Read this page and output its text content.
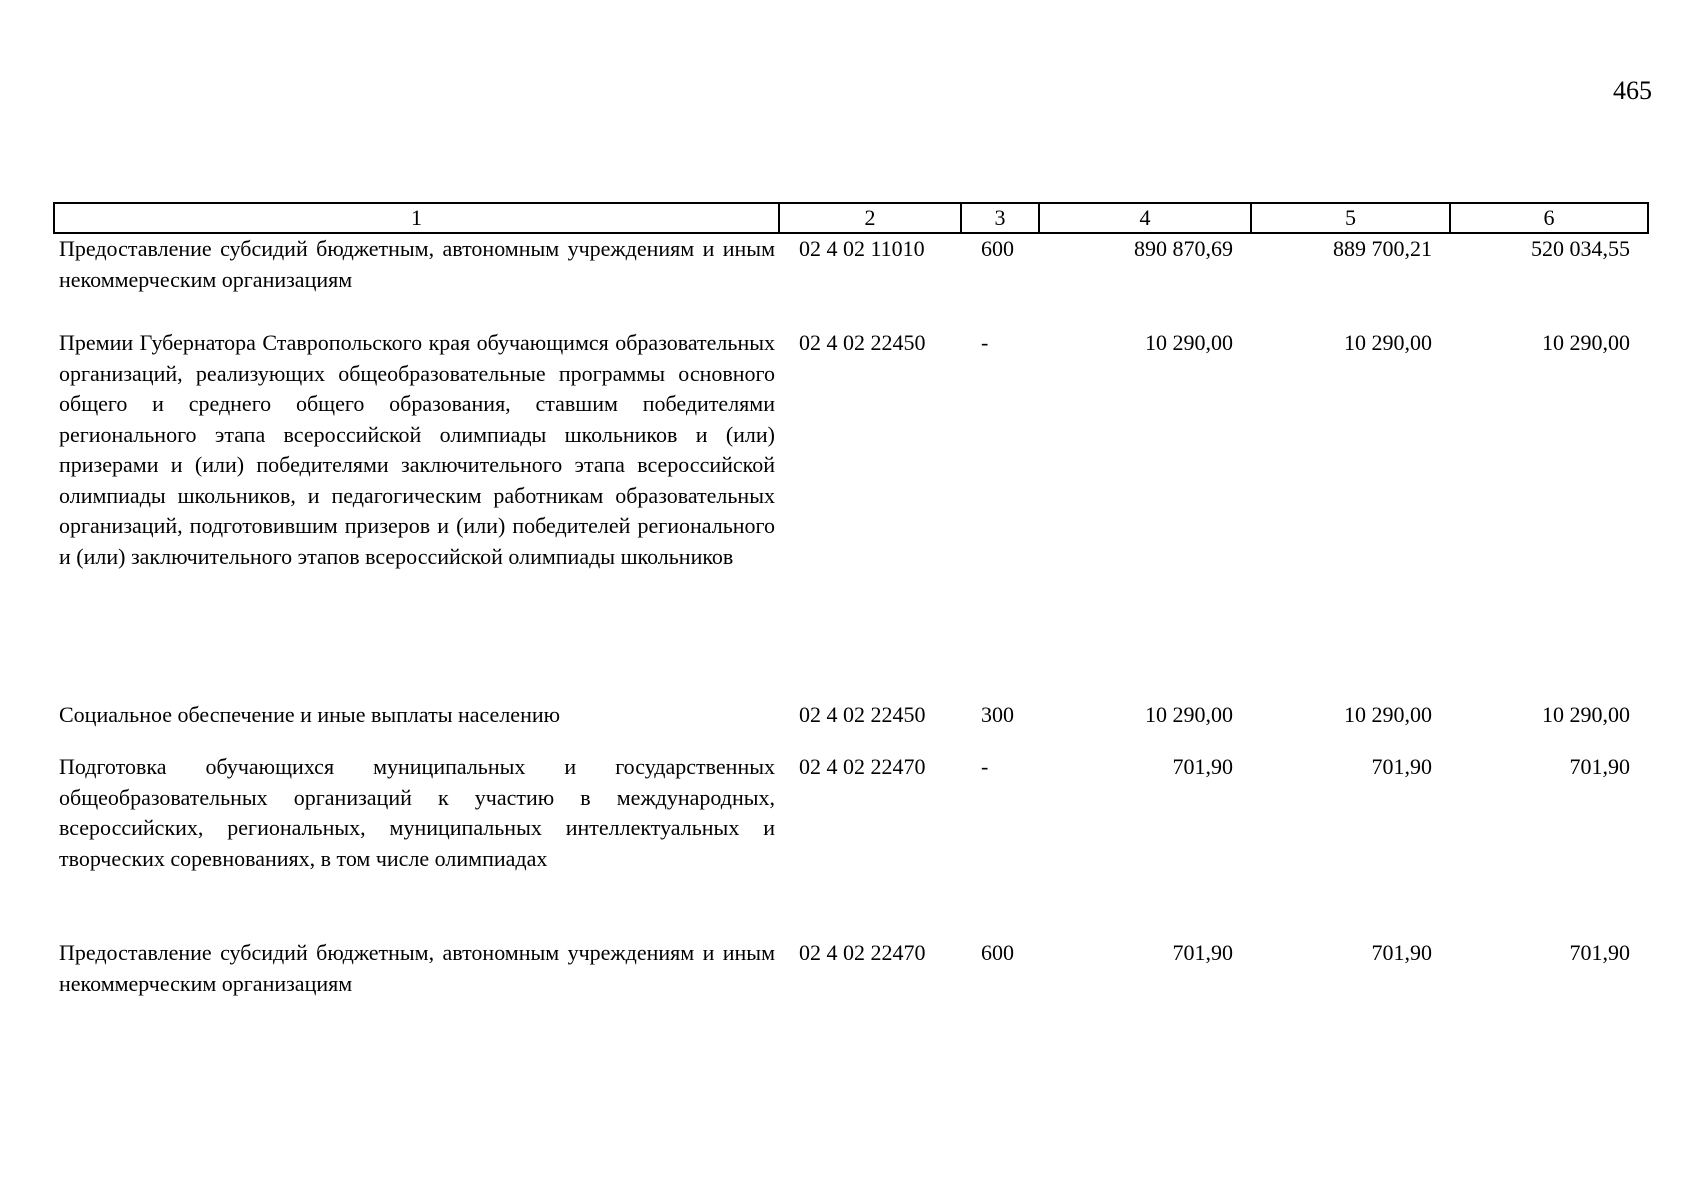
465
1	2	3	4	5	6
Предоставление субсидий бюджетным, автономным учреждениям и иным некоммерческим организациям	02 4 02 11010	600	890 870,69	889 700,21	520 034,55
Премии Губернатора Ставропольского края обучающимся образовательных организаций, реализующих общеобразовательные программы основного общего и среднего общего образования, ставшим победителями регионального этапа всероссийской олимпиады школьников и (или) призерами и (или) победителями заключительного этапа всероссийской олимпиады школьников, и педагогическим работникам образовательных организаций, подготовившим призеров и (или) победителей регионального и (или) заключительного этапов всероссийской олимпиады школьников	02 4 02 22450	-	10 290,00	10 290,00	10 290,00
Социальное обеспечение и иные выплаты населению	02 4 02 22450	300	10 290,00	10 290,00	10 290,00
Подготовка обучающихся муниципальных и государственных общеобразовательных организаций к участию в международных, всероссийских, региональных, муниципальных интеллектуальных и творческих соревнованиях, в том числе олимпиадах	02 4 02 22470	-	701,90	701,90	701,90
Предоставление субсидий бюджетным, автономным учреждениям и иным некоммерческим организациям	02 4 02 22470	600	701,90	701,90	701,90
